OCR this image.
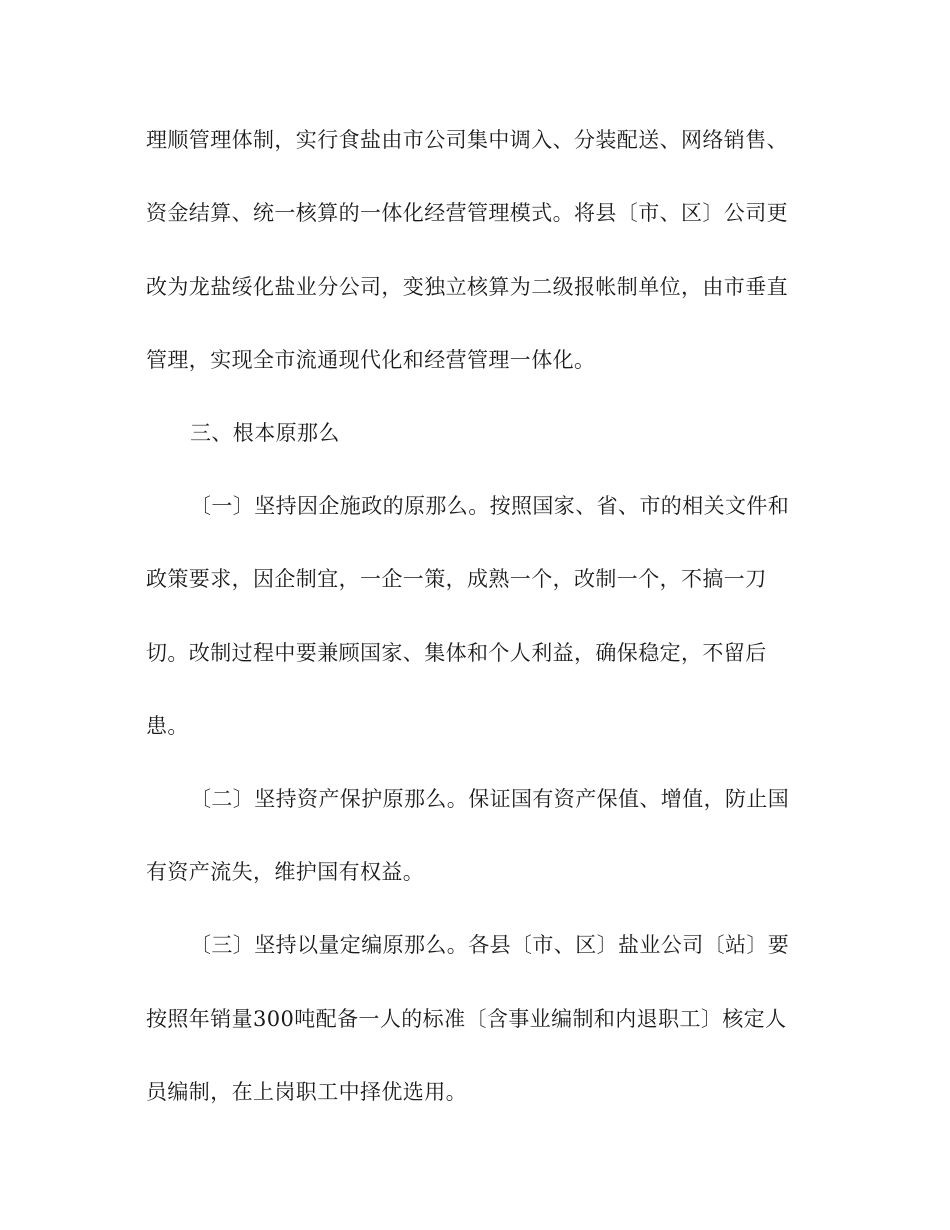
理顺管理体制，实行食盐由市公司集中调入、分装配送、网络销售、
资金结算、统一核算的一体化经营管理模式。将县〔市、区〕公司更
改为龙盐绥化盐业分公司，变独立核算为二级报帐制单位，由市垂直
管理，实现全市流通现代化和经营管理一体化。
三、根本原那么
〔一〕坚持因企施政的原那么。按照国家、省、市的相关文件和
政策要求，因企制宜，一企一策，成熟一个，改制一个，不搞一刀
切。改制过程中要兼顾国家、集体和个人利益，确保稳定，不留后
患。
〔二〕坚持资产保护原那么。保证国有资产保值、增值，防止国
有资产流失，维护国有权益。
〔三〕坚持以量定编原那么。各县〔市、区〕盐业公司〔站〕要
按照年销量300吨配备一人的标准〔含事业编制和内退职工〕核定人
员编制，在上岗职工中择优选用。
